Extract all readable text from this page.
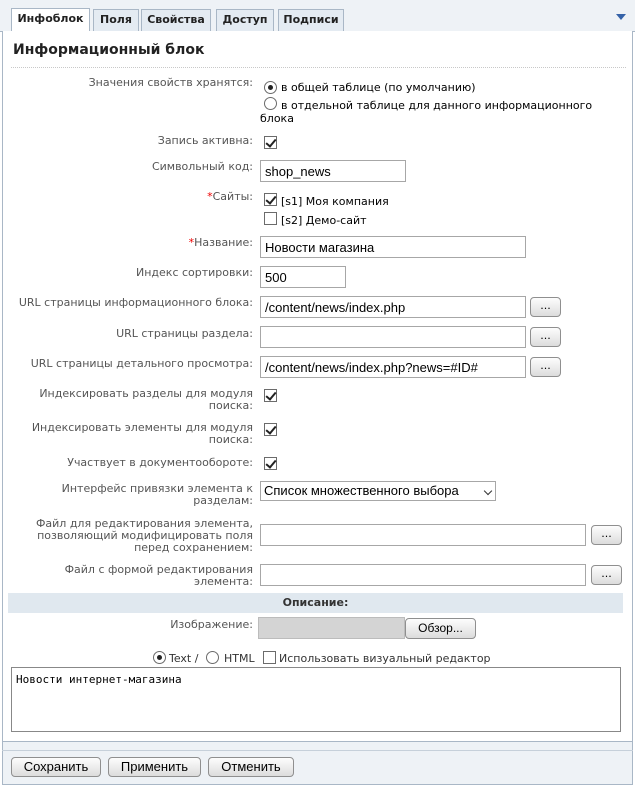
Инфоблок	Поля	Свойства	Доступ	Подписи
Информационный блок
Значения свойств хранятся:	в общей таблице (по умолчанию)
в отдельной таблице для данного информационного
блока
Запись активна:
Символьный код:
shop_news
*Сайты:	[s1] Моя компания
[s2] Демо-сайт
*Название:
Новости магазина
Индекс сортировки:
500
URL страницы информационного блока:
/content/news/index.php	...
URL страницы раздела:	...
URL страницы детального просмотра:
/content/news/index.php?news=#ID#	...
Индексировать разделы для модуля
поиска:
Индексировать элементы для модуля
поиска:
Участвует в документообороте:
Интерфейс привязки элемента к
разделам:
Список множественного выбора
Файл для редактирования элемента,
позволяющий модифицировать поля
перед сохранением:
...
Файл с формой редактирования
элемента:
...
Описание:
Изображение:	Обзор...
Text / HTML Использовать визуальный редактор
Новости интернет-магазина
Сохранить	Применить	Отменить
